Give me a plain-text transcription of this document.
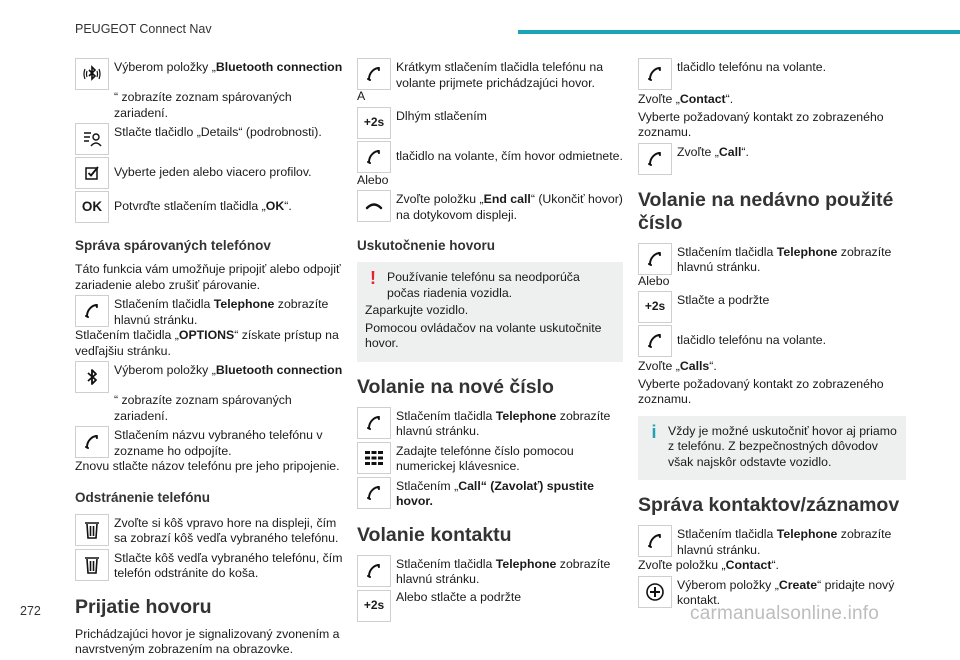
PEUGEOT Connect Nav
Výberom položky „Bluetooth connection

“ zobrazíte zoznam spárovaných zariadení.

Stlačte tlačidlo „Details“ (podrobnosti).
Vyberte jeden alebo viacero profilov.
OK Potvrďte stlačením tlačidla „OK“.
Správa spárovaných telefónov

Táto funkcia vám umožňuje pripojiť alebo odpojiť zariadenie alebo zrušiť párovanie.

Stlačením tlačidla Telephone zobrazíte hlavnú stránku.

Stlačením tlačidla „OPTIONS“ získate prístup na vedľajšiu stránku.

Výberom položky „Bluetooth connection

“ zobrazíte zoznam spárovaných zariadení.

Stlačením názvu vybraného telefónu v zozname ho odpojíte.

Znovu stlačte názov telefónu pre jeho pripojenie.

Odstránenie telefónu
Zvoľte si kôš vpravo hore na displeji, čím sa zobrazí kôš vedľa vybraného telefónu.
Stlačte kôš vedľa vybraného telefónu, čím telefón odstránite do koša.
Prijatie hovoru

Prichádzajúci hovor je signalizovaný zvonením a navrstveným zobrazením na obrazovke.

Krátkym stlačením tlačidla telefónu na volante prijmete prichádzajúci hovor.

A

+2s Dlhým stlačením
tlačidlo na volante, čím hovor odmietnete.

Alebo

Zvoľte položku „End call“ (Ukončiť hovor) na dotykovom displeji.
Uskutočnenie hovoru
! Používanie telefónu sa neodporúča počas riadenia vozidla.

Zaparkujte vozidlo.

Pomocou ovládačov na volante uskutočnite hovor.

Volanie na nové číslo
Stlačením tlačidla Telephone zobrazíte hlavnú stránku.
Zadajte telefónne číslo pomocou numerickej klávesnice.
Stlačením „Call“ (Zavolať) spustite hovor.
Volanie kontaktu
Stlačením tlačidla Telephone zobrazíte hlavnú stránku.
+2s
Alebo stlačte a podržte
tlačidlo telefónu na volante.

Zvoľte „Contact“.

Vyberte požadovaný kontakt zo zobrazeného zoznamu.

Zvoľte „Call“.
Volanie na nedávno použité číslo
Stlačením tlačidla Telephone zobrazíte hlavnú stránku.

Alebo

+2s Stlačte a podržte
tlačidlo telefónu na volante.

Zvoľte „Calls“.

Vyberte požadovaný kontakt zo zobrazeného zoznamu.

i Vždy je možné uskutočniť hovor aj priamo z telefónu. Z bezpečnostných dôvodov však najskôr odstavte vozidlo.

Správa kontaktov/záznamov
Stlačením tlačidla Telephone zobrazíte hlavnú stránku.

Zvoľte položku „Contact“.

Výberom položky „Create“ pridajte nový kontakt.
272	carmanualsonline.info
